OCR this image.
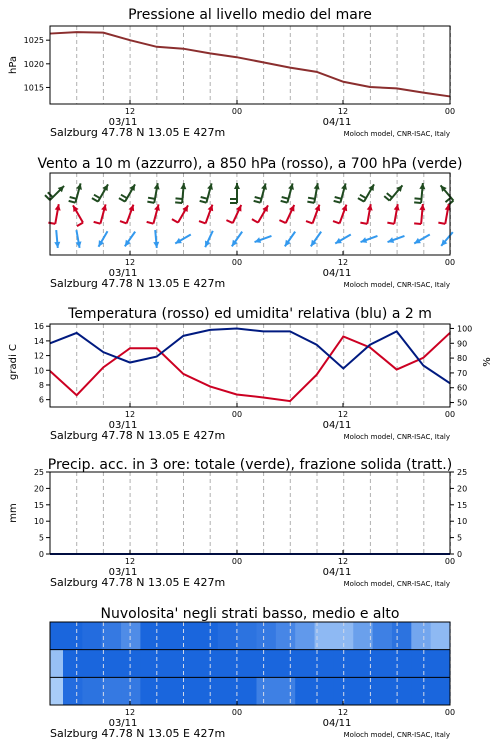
Pressione al livello medio del mare
hPa
1015
1020
1025
12	00	12	00
03/11	04/11
Salzburg 47.78 N 13.05 E 427m	Moloch model, CNR-ISAC, Italy
Vento a 10 m (azzurro), a 850 hPa (rosso), a 700 hPa (verde)
12	00	12	00
03/11	04/11
Salzburg 47.78 N 13.05 E 427m	Moloch model, CNR-ISAC, Italy
Temperatura (rosso) ed umidita' relativa (blu) a 2 m
gradi C	%
6
8
10
12
14
16
50
60
70
80
90
100
12	00	12	00
03/11	04/11
Salzburg 47.78 N 13.05 E 427m	Moloch model, CNR-ISAC, Italy
Precip. acc. in 3 ore: totale (verde), frazione solida (tratt.)
mm
0
5
10
15
20
25
0
5
10
15
20
25
12	00	12	00
03/11	04/11
Salzburg 47.78 N 13.05 E 427m	Moloch model, CNR-ISAC, Italy
Nuvolosita' negli strati basso, medio e alto
12	00	12	00
03/11	04/11
Salzburg 47.78 N 13.05 E 427m	Moloch model, CNR-ISAC, Italy
